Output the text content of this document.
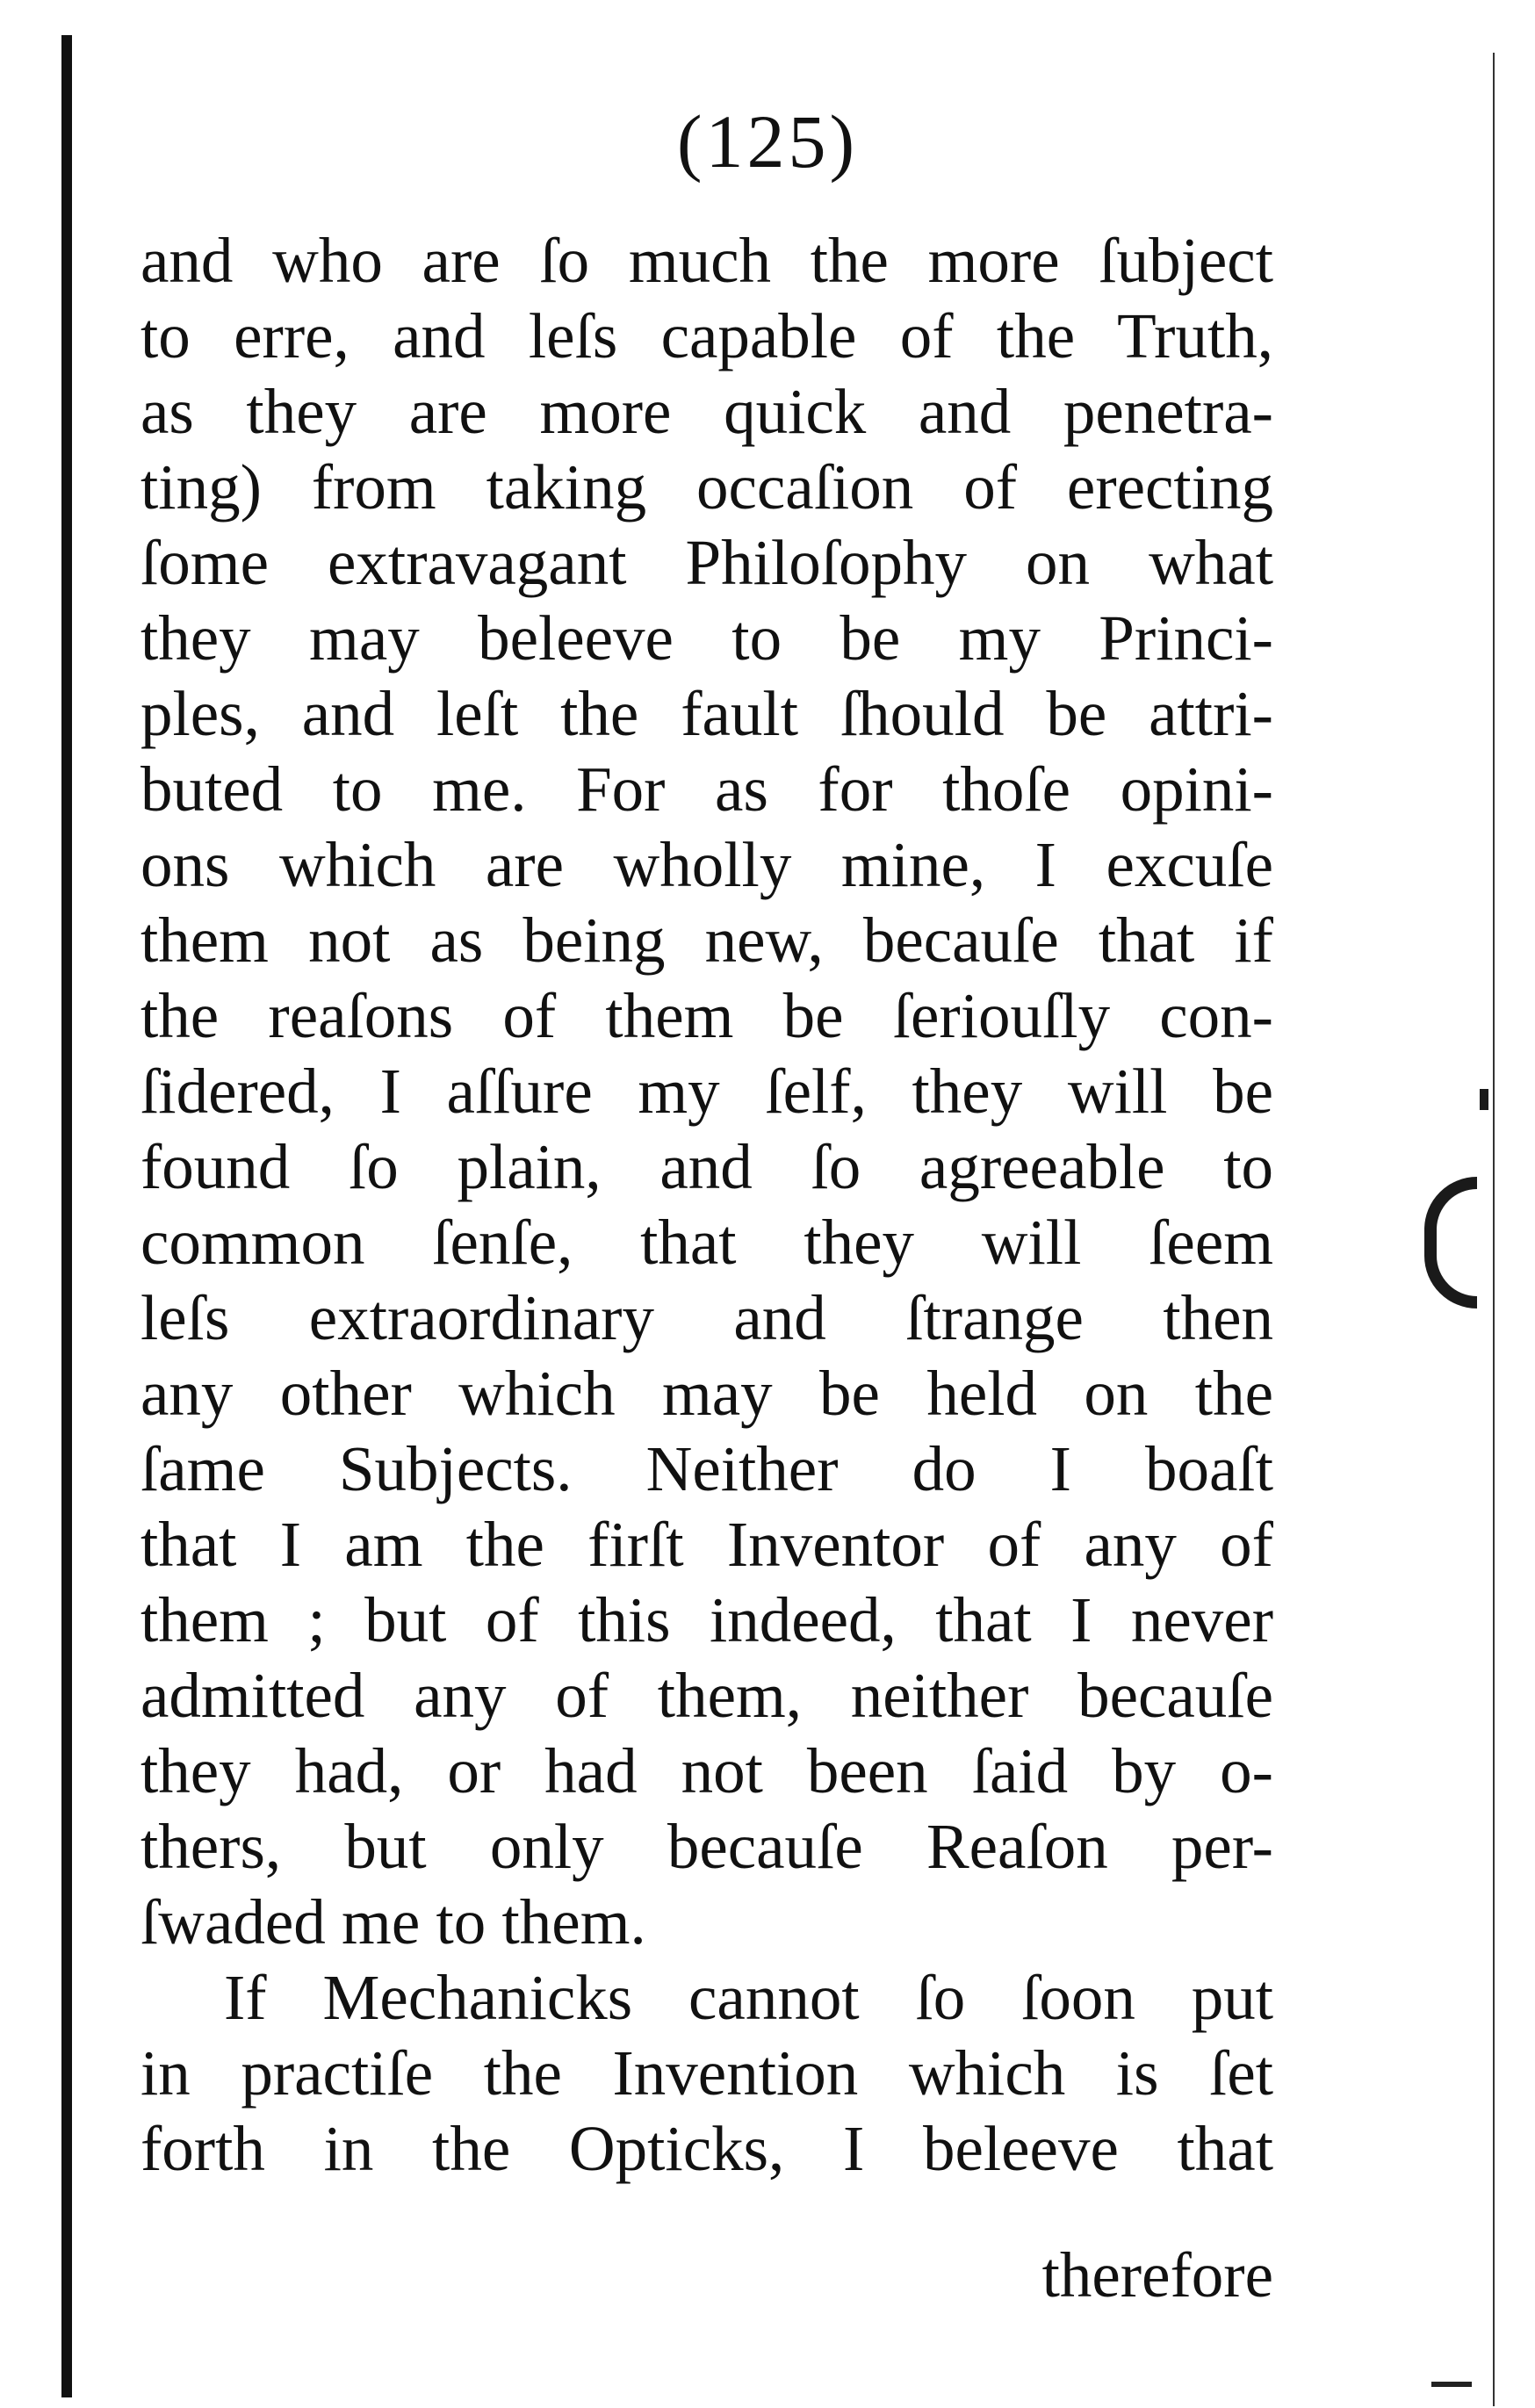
(125)
and who are ſo much the more ſubject
to erre, and leſs capable of the Truth,
as they are more quick and penetra-
ting) from taking occaſion of erecting
ſome extravagant Philoſophy on what
they may beleeve to be my Princi-
ples, and leſt the fault ſhould be attri-
buted to me. For as for thoſe opini-
ons which are wholly mine, I excuſe
them not as being new, becauſe that if
the reaſons of them be ſeriouſly con-
ſidered, I aſſure my ſelf, they will be
found ſo plain, and ſo agreeable to
common ſenſe, that they will ſeem
leſs extraordinary and ſtrange then
any other which may be held on the
ſame Subjects. Neither do I boaſt
that I am the firſt Inventor of any of
them ; but of this indeed, that I never
admitted any of them, neither becauſe
they had, or had not been ſaid by o-
thers, but only becauſe Reaſon per-
ſwaded me to them.
If Mechanicks cannot ſo ſoon put
in practiſe the Invention which is ſet
forth in the Opticks, I beleeve that
therefore
